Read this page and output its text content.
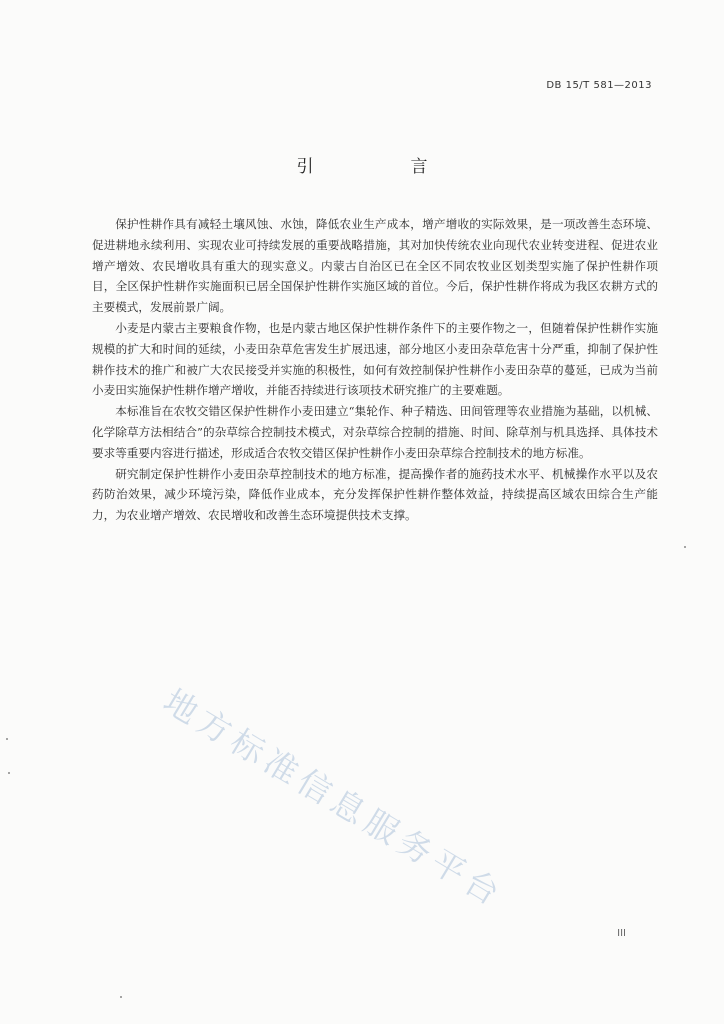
DB 15/T 581—2013
引　言

保护性耕作具有减轻土壤风蚀、水蚀，降低农业生产成本，增产增收的实际效果，是一项改善生态环境、促进耕地永续利用、实现农业可持续发展的重要战略措施，其对加快传统农业向现代农业转变进程、促进农业增产增效、农民增收具有重大的现实意义。内蒙古自治区已在全区不同农牧业区划类型实施了保护性耕作项目，全区保护性耕作实施面积已居全国保护性耕作实施区域的首位。今后，保护性耕作将成为我区农耕方式的主要模式，发展前景广阔。

小麦是内蒙古主要粮食作物，也是内蒙古地区保护性耕作条件下的主要作物之一，但随着保护性耕作实施规模的扩大和时间的延续，小麦田杂草危害发生扩展迅速，部分地区小麦田杂草危害十分严重，抑制了保护性耕作技术的推广和被广大农民接受并实施的积极性，如何有效控制保护性耕作小麦田杂草的蔓延，已成为当前小麦田实施保护性耕作增产增收，并能否持续进行该项技术研究推广的主要难题。

本标准旨在农牧交错区保护性耕作小麦田建立“集轮作、种子精选、田间管理等农业措施为基础，以机械、化学除草方法相结合”的杂草综合控制技术模式，对杂草综合控制的措施、时间、除草剂与机具选择、具体技术要求等重要内容进行描述，形成适合农牧交错区保护性耕作小麦田杂草综合控制技术的地方标准。

研究制定保护性耕作小麦田杂草控制技术的地方标准，提高操作者的施药技术水平、机械操作水平以及农药防治效果，减少环境污染，降低作业成本，充分发挥保护性耕作整体效益，持续提高区域农田综合生产能力，为农业增产增效、农民增收和改善生态环境提供技术支撑。

地方标准信息服务平台
III
